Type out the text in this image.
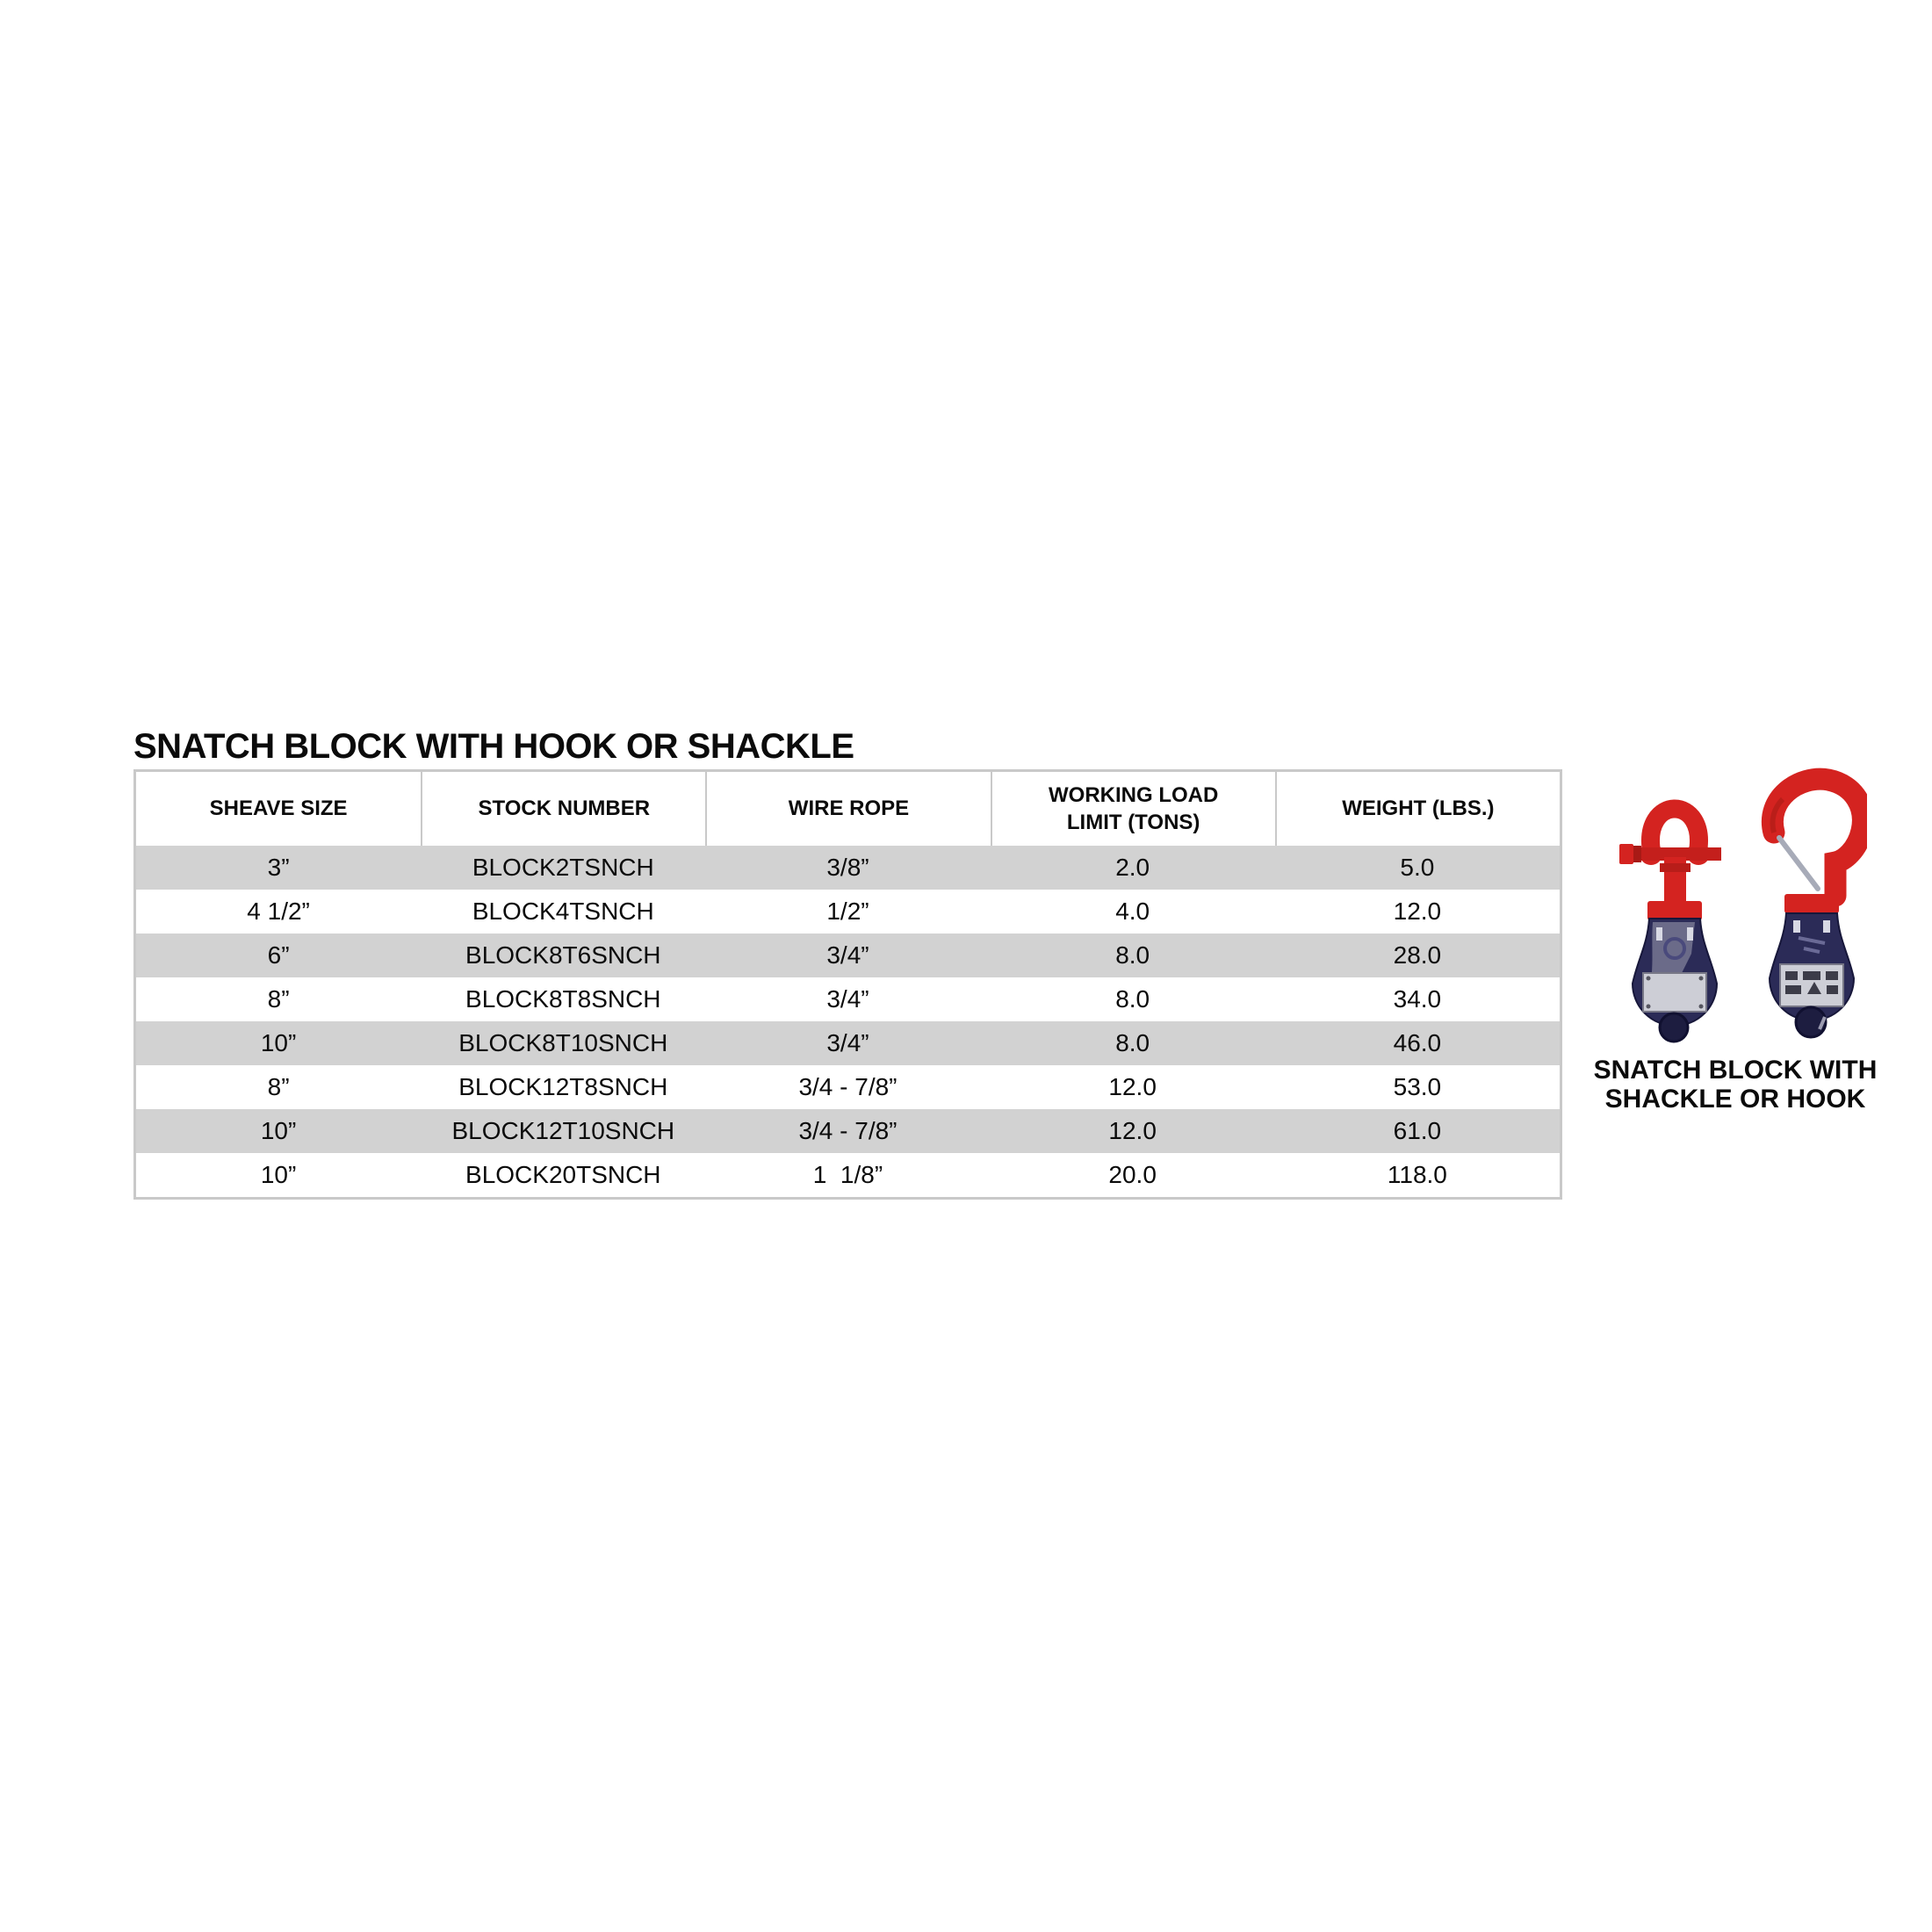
SNATCH BLOCK WITH HOOK OR SHACKLE
SHEAVE SIZE	STOCK NUMBER	WIRE ROPE	WORKING LOAD LIMIT (TONS)	WEIGHT (LBS.)
3”	BLOCK2TSNCH	3/8”	2.0	5.0
4 1/2”	BLOCK4TSNCH	1/2”	4.0	12.0
6”	BLOCK8T6SNCH	3/4”	8.0	28.0
8”	BLOCK8T8SNCH	3/4”	8.0	34.0
10”	BLOCK8T10SNCH	3/4”	8.0	46.0
8”	BLOCK12T8SNCH	3/4 - 7/8”	12.0	53.0
10”	BLOCK12T10SNCH	3/4 - 7/8”	12.0	61.0
10”	BLOCK20TSNCH	1  1/8”	20.0	118.0
SNATCH BLOCK WITH
SHACKLE OR HOOK
